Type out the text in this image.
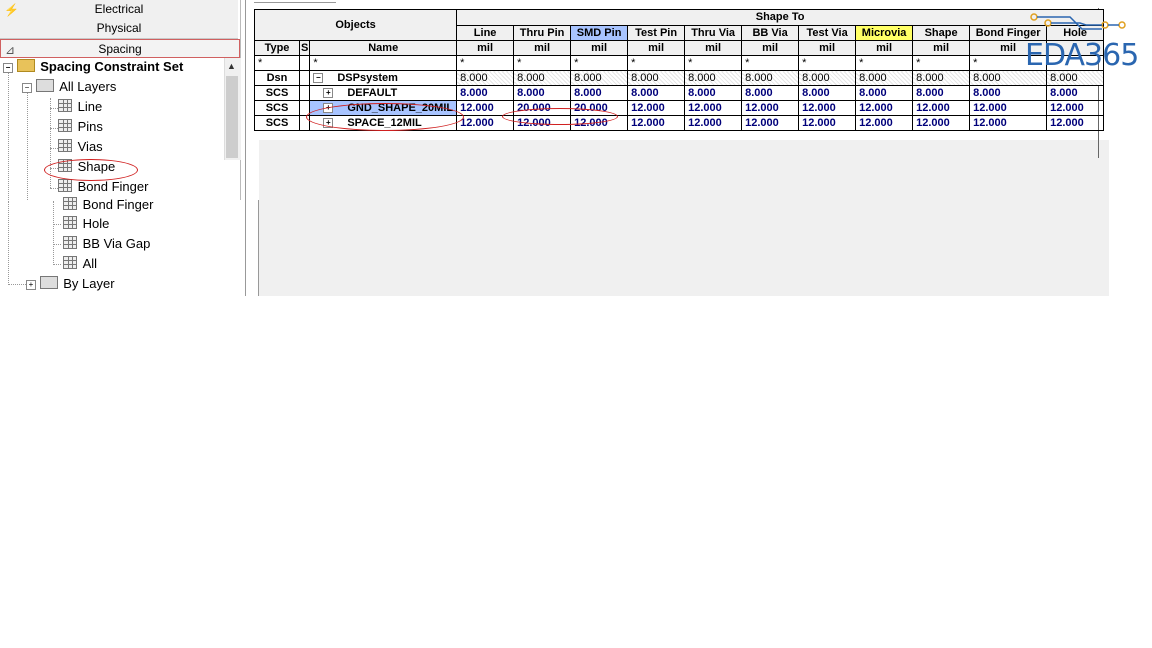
⚡	Electrical
Physical
⊿	Spacing
− Spacing Constraint Set
− All Layers
Line
Pins
Vias
Shape
Bond Finger
▲
Bond Finger
Hole
BB Via Gap
All
+ By Layer
Objects			Shape To										
			Line	Thru Pin	SMD Pin	Test Pin	Thru Via	BB Via	Test Via	Microvia	Shape	Bond Finger	Hole
Type	S	Name	mil	mil	mil	mil	mil	mil	mil	mil	mil	mil	
*		*	*	*	*	*	*	*	*	*	*	*	
Dsn		− DSPsystem	8.000	8.000	8.000	8.000	8.000	8.000	8.000	8.000	8.000	8.000	8.000
SCS		+ DEFAULT	8.000	8.000	8.000	8.000	8.000	8.000	8.000	8.000	8.000	8.000	8.000
SCS		+ GND_SHAPE_20MIL	12.000	20.000	20.000	12.000	12.000	12.000	12.000	12.000	12.000	12.000	12.000
SCS		+ SPACE_12MIL	12.000	12.000	12.000	12.000	12.000	12.000	12.000	12.000	12.000	12.000	12.000
EDA365
